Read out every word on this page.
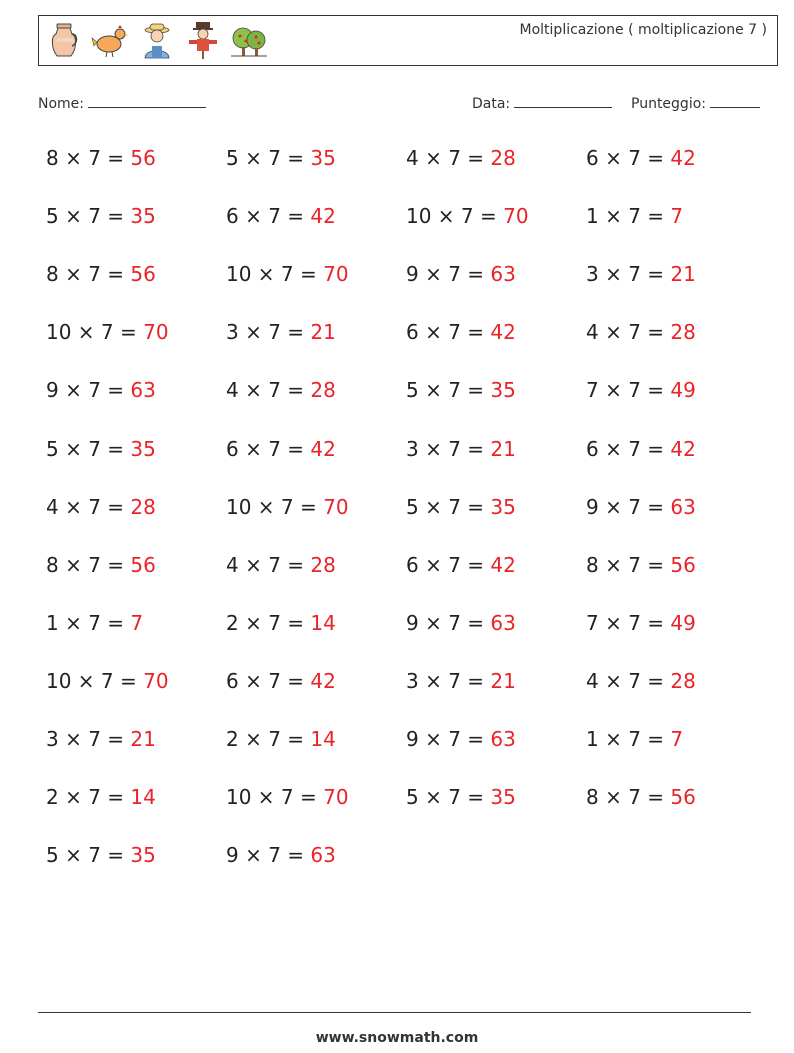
Moltiplicazione ( moltiplicazione 7 )
Nome:	Data:	Punteggio:
8 × 7 = 56	5 × 7 = 35	4 × 7 = 28	6 × 7 = 42
5 × 7 = 35	6 × 7 = 42	10 × 7 = 70	1 × 7 = 7
8 × 7 = 56	10 × 7 = 70	9 × 7 = 63	3 × 7 = 21
10 × 7 = 70	3 × 7 = 21	6 × 7 = 42	4 × 7 = 28
9 × 7 = 63	4 × 7 = 28	5 × 7 = 35	7 × 7 = 49
5 × 7 = 35	6 × 7 = 42	3 × 7 = 21	6 × 7 = 42
4 × 7 = 28	10 × 7 = 70	5 × 7 = 35	9 × 7 = 63
8 × 7 = 56	4 × 7 = 28	6 × 7 = 42	8 × 7 = 56
1 × 7 = 7	2 × 7 = 14	9 × 7 = 63	7 × 7 = 49
10 × 7 = 70	6 × 7 = 42	3 × 7 = 21	4 × 7 = 28
3 × 7 = 21	2 × 7 = 14	9 × 7 = 63	1 × 7 = 7
2 × 7 = 14	10 × 7 = 70	5 × 7 = 35	8 × 7 = 56
5 × 7 = 35	9 × 7 = 63
www.snowmath.com
